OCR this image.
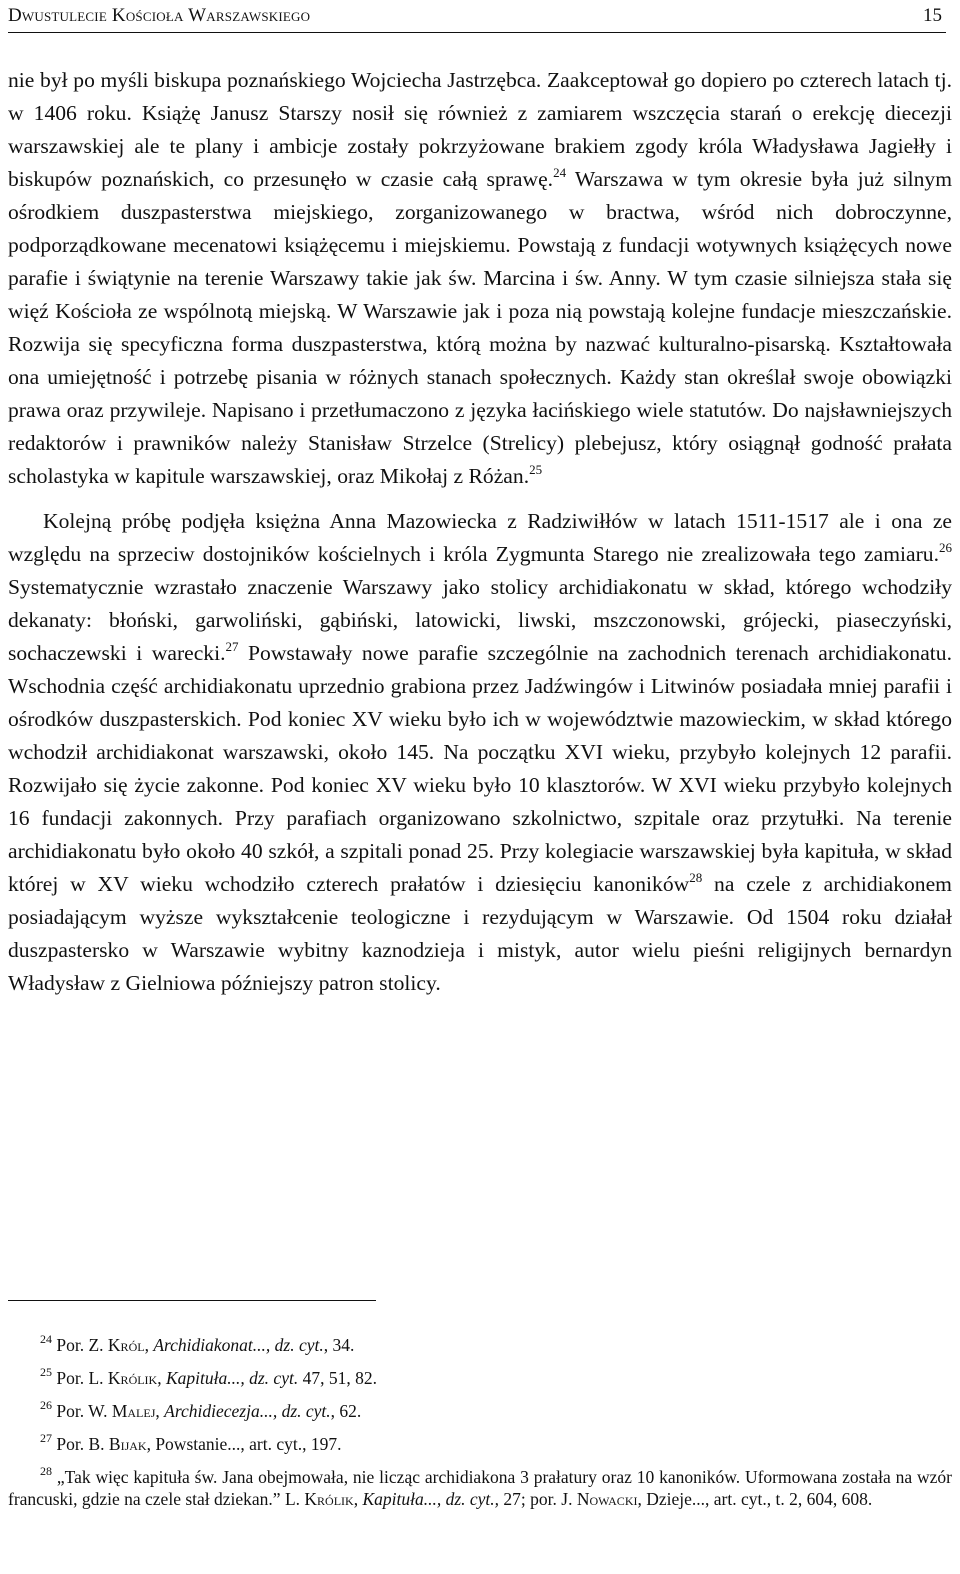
Dwustulecie Kościoła Warszawskiego	15

nie był po myśli biskupa poznańskiego Wojciecha Jastrzębca. Zaakceptował go dopiero po czterech latach tj. w 1406 roku. Książę Janusz Starszy nosił się również z zamiarem wszczęcia starań o erekcję diecezji warszawskiej ale te plany i ambicje zostały pokrzyżowane brakiem zgody króla Władysława Jagiełły i biskupów poznańskich, co przesunęło w czasie całą sprawę.$^{24}$ Warszawa w tym okresie była już silnym ośrodkiem duszpasterstwa miejskiego, zorganizowanego w bractwa, wśród nich dobroczynne, podporządkowane mecenatowi książęcemu i miejskiemu. Powstają z fundacji wotywnych książęcych nowe parafie i świątynie na terenie Warszawy takie jak św. Marcina i św. Anny. W tym czasie silniejsza stała się więź Kościoła ze wspólnotą miejską. W Warszawie jak i poza nią powstają kolejne fundacje mieszczańskie. Rozwija się specyficzna forma duszpasterstwa, którą można by nazwać kulturalno-pisarską. Kształtowała ona umiejętność i potrzebę pisania w różnych stanach społecznych. Każdy stan określał swoje obowiązki prawa oraz przywileje. Napisano i przetłumaczono z języka łacińskiego wiele statutów. Do najsławniejszych redaktorów i prawników należy Stanisław Strzelce (Strelicy) plebejusz, który osiągnął godność prałata scholastyka w kapitule warszawskiej, oraz Mikołaj z Różan.$^{25}$

Kolejną próbę podjęła księżna Anna Mazowiecka z Radziwiłłów w latach 1511-1517 ale i ona ze względu na sprzeciw dostojników kościelnych i króla Zygmunta Starego nie zrealizowała tego zamiaru.$^{26}$ Systematycznie wzrastało znaczenie Warszawy jako stolicy archidiakonatu w skład, którego wchodziły dekanaty: błoński, garwoliński, gąbiński, latowicki, liwski, mszczonowski, grójecki, piaseczyński, sochaczewski i warecki.$^{27}$ Powstawały nowe parafie szczególnie na zachodnich terenach archidiakonatu. Wschodnia część archidiakonatu uprzednio grabiona przez Jadźwingów i Litwinów posiadała mniej parafii i ośrodków duszpasterskich. Pod koniec XV wieku było ich w województwie mazowieckim, w skład którego wchodził archidiakonat warszawski, około 145. Na początku XVI wieku, przybyło kolejnych 12 parafii. Rozwijało się życie zakonne. Pod koniec XV wieku było 10 klasztorów. W XVI wieku przybyło kolejnych 16 fundacji zakonnych. Przy parafiach organizowano szkolnictwo, szpitale oraz przytułki. Na terenie archidiakonatu było około 40 szkół, a szpitali ponad 25. Przy kolegiacie warszawskiej była kapituła, w skład której w XV wieku wchodziło czterech prałatów i dziesięciu kanoników$^{28}$ na czele z archidiakonem posiadającym wyższe wykształcenie teologiczne i rezydującym w Warszawie. Od 1504 roku działał duszpastersko w Warszawie wybitny kaznodzieja i mistyk, autor wielu pieśni religijnych bernardyn Władysław z Gielniowa późniejszy patron stolicy.

$^{24}$ Por. Z. Król, Archidiakonat..., dz. cyt., 34.

$^{25}$ Por. L. Królik, Kapituła..., dz. cyt. 47, 51, 82.

$^{26}$ Por. W. Malej, Archidiecezja..., dz. cyt., 62.

$^{27}$ Por. B. Bijak, Powstanie..., art. cyt., 197.

$^{28}$ „Tak więc kapituła św. Jana obejmowała, nie licząc archidiakona 3 prałatury oraz 10 kanoników. Uformowana została na wzór francuski, gdzie na czele stał dziekan.” L. Królik, Kapituła..., dz. cyt., 27; por. J. Nowacki, Dzieje..., art. cyt., t. 2, 604, 608.
